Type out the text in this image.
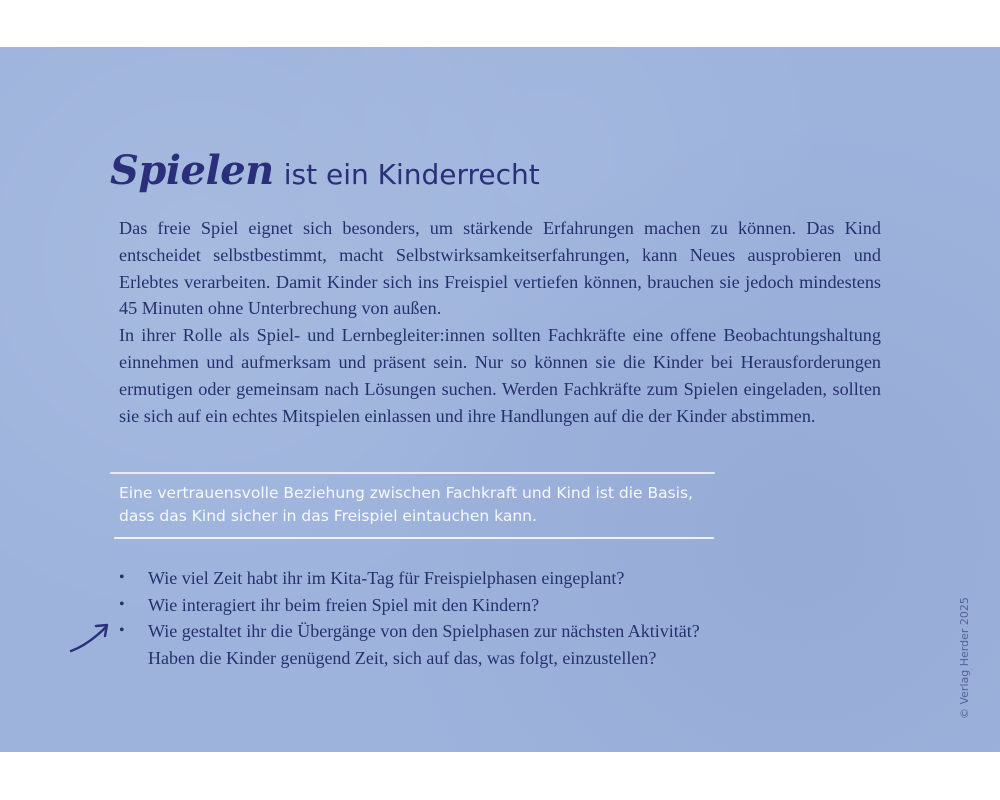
Spielen ist ein Kinderrecht

Das freie Spiel eignet sich besonders, um stärkende Erfahrungen machen zu können. Das Kind entscheidet selbstbestimmt, macht Selbstwirksamkeitserfahrungen, kann Neues ausprobieren und Erlebtes verarbeiten. Damit Kinder sich ins Freispiel vertiefen können, brauchen sie jedoch mindestens 45 Minuten ohne Unterbrechung von außen.

In ihrer Rolle als Spiel- und Lernbegleiter:innen sollten Fachkräfte eine offene Beobachtungshaltung einnehmen und aufmerksam und präsent sein. Nur so können sie die Kinder bei Herausforderungen ermutigen oder gemeinsam nach Lösungen suchen. Werden Fachkräfte zum Spielen eingeladen, sollten sie sich auf ein echtes Mitspielen einlassen und ihre Handlungen auf die der Kinder abstimmen.

Eine vertrauensvolle Beziehung zwischen Fachkraft und Kind ist die Basis,
dass das Kind sicher in das Freispiel eintauchen kann.
• Wie viel Zeit habt ihr im Kita-Tag für Freispielphasen eingeplant?
• Wie interagiert ihr beim freien Spiel mit den Kindern?
• Wie gestaltet ihr die Übergänge von den Spielphasen zur nächsten Aktivität?
Haben die Kinder genügend Zeit, sich auf das, was folgt, einzustellen?	© Verlag Herder 2025
